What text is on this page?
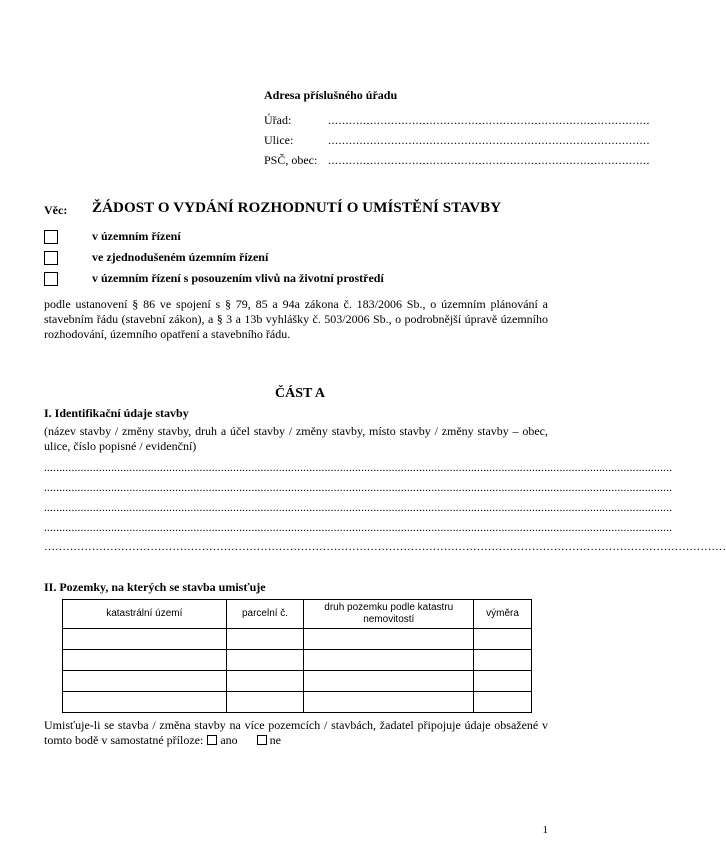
Adresa příslušného úřadu
Úřad:	............................................................................................
Ulice:	............................................................................................
PSČ, obec: ............................................................................................
Věc: ŽÁDOST O VYDÁNÍ ROZHODNUTÍ O UMÍSTĚNÍ STAVBY
v územním řízení
ve zjednodušeném územním řízení
v územním řízení s posouzením vlivů na životní prostředí
podle ustanovení § 86 ve spojení s § 79, 85 a 94a zákona č. 183/2006 Sb., o územním plánování a stavebním řádu (stavební zákon), a § 3 a 13b vyhlášky č. 503/2006 Sb., o podrobnější úpravě územního rozhodování, územního opatření a stavebního řádu.
ČÁST A
I. Identifikační údaje stavby
(název stavby / změny stavby, druh a účel stavby / změny stavby, místo stavby / změny stavby – obec, ulice, číslo popisné / evidenční)
..............................................................................................................................................................................................................
..............................................................................................................................................................................................................
..............................................................................................................................................................................................................
..............................................................................................................................................................................................................
……………………………………………………………………………………………………………………………………………………………………
II. Pozemky, na kterých se stavba umisťuje
katastrální území	parcelní č.	druh pozemku podle katastru nemovitostí	výměra

Umisťuje-li se stavba / změna stavby na více pozemcích / stavbách, žadatel připojuje údaje obsažené v tomto bodě v samostatné příloze: ano	ne
1
